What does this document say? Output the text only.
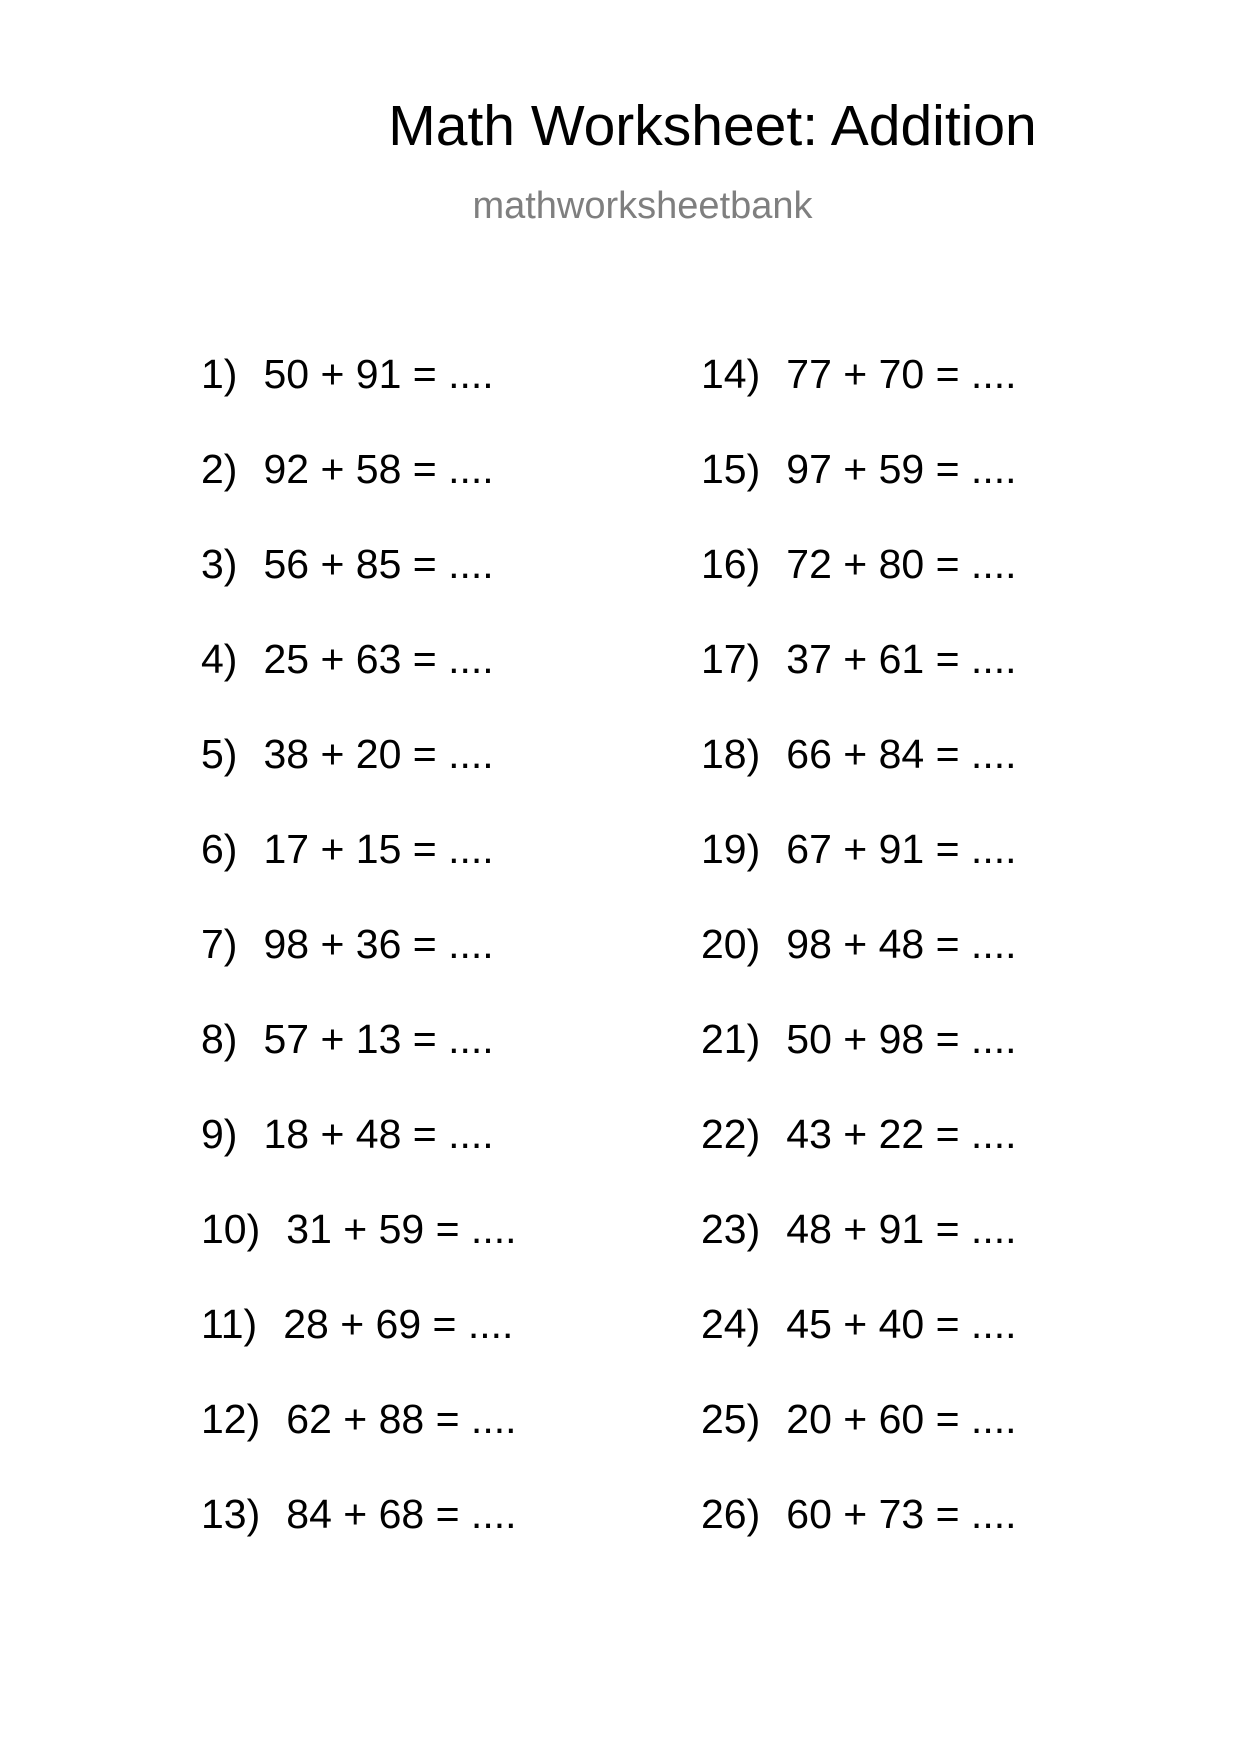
Math Worksheet: Addition
mathworksheetbank
1) 50 + 91 = ....
2) 92 + 58 = ....
3) 56 + 85 = ....
4) 25 + 63 = ....
5) 38 + 20 = ....
6) 17 + 15 = ....
7) 98 + 36 = ....
8) 57 + 13 = ....
9) 18 + 48 = ....
10) 31 + 59 = ....
11) 28 + 69 = ....
12) 62 + 88 = ....
13) 84 + 68 = ....
14) 77 + 70 = ....
15) 97 + 59 = ....
16) 72 + 80 = ....
17) 37 + 61 = ....
18) 66 + 84 = ....
19) 67 + 91 = ....
20) 98 + 48 = ....
21) 50 + 98 = ....
22) 43 + 22 = ....
23) 48 + 91 = ....
24) 45 + 40 = ....
25) 20 + 60 = ....
26) 60 + 73 = ....
